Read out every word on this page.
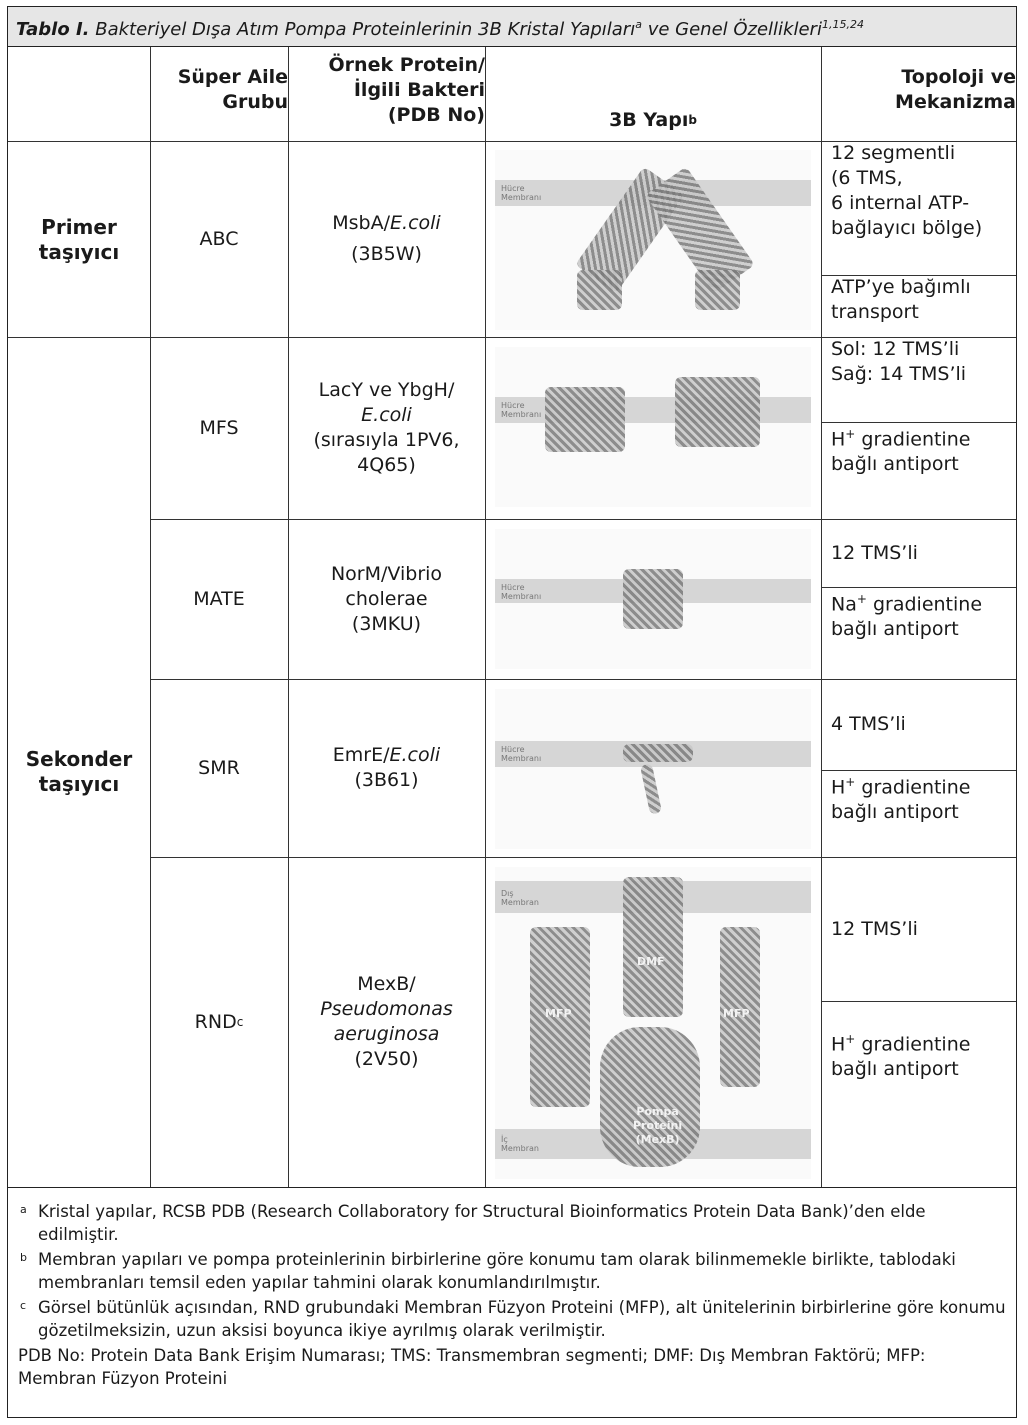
Tablo I. Bakteriyel Dışa Atım Pompa Proteinlerinin 3B Kristal Yapıları$^a$ ve Genel Özellikleri$^{1,15,24}$
Süper Aile
Grubu
Örnek Protein/
İlgili Bakteri
(PDB No)	3B Yapı b
Topoloji ve
Mekanizma
Primer
taşıyıcı
Sekonder
taşıyıcı
ABC
MsbA/E.coli
(3B5W)
Hücre
Membranı
12 segmentli
(6 TMS,
6 internal ATP-
bağlayıcı bölge)
ATP’ye bağımlı
transport
MFS
LacY ve YbgH/
E.coli
(sırasıyla 1PV6,
4Q65)
Hücre
Membranı
Sol: 12 TMS’li
Sağ: 14 TMS’li
H+ gradientine
bağlı antiport
MATE
NorM/Vibrio
cholerae
(3MKU)
Hücre
Membranı
12 TMS’li
Na+ gradientine
bağlı antiport
SMR
EmrE/E.coli
(3B61)
Hücre
Membranı
4 TMS’li
H+ gradientine
bağlı antiport
RND c
MexB/
Pseudomonas
aeruginosa
(2V50)
Dış
Membran
İç
Membran
DMF
MFP	MFP
Pompa
Proteini
(MexB)
12 TMS’li
H+ gradientine
bağlı antiport
a Kristal yapılar, RCSB PDB (Research Collaboratory for Structural Bioinformatics Protein Data Bank)’den elde edilmiştir.
b Membran yapıları ve pompa proteinlerinin birbirlerine göre konumu tam olarak bilinmemekle birlikte, tablodaki membranları temsil eden yapılar tahmini olarak konumlandırılmıştır.
c Görsel bütünlük açısından, RND grubundaki Membran Füzyon Proteini (MFP), alt ünitelerinin birbirlerine göre konumu gözetilmeksizin, uzun aksisi boyunca ikiye ayrılmış olarak verilmiştir.
PDB No: Protein Data Bank Erişim Numarası; TMS: Transmembran segmenti; DMF: Dış Membran Faktörü; MFP: Membran Füzyon Proteini
